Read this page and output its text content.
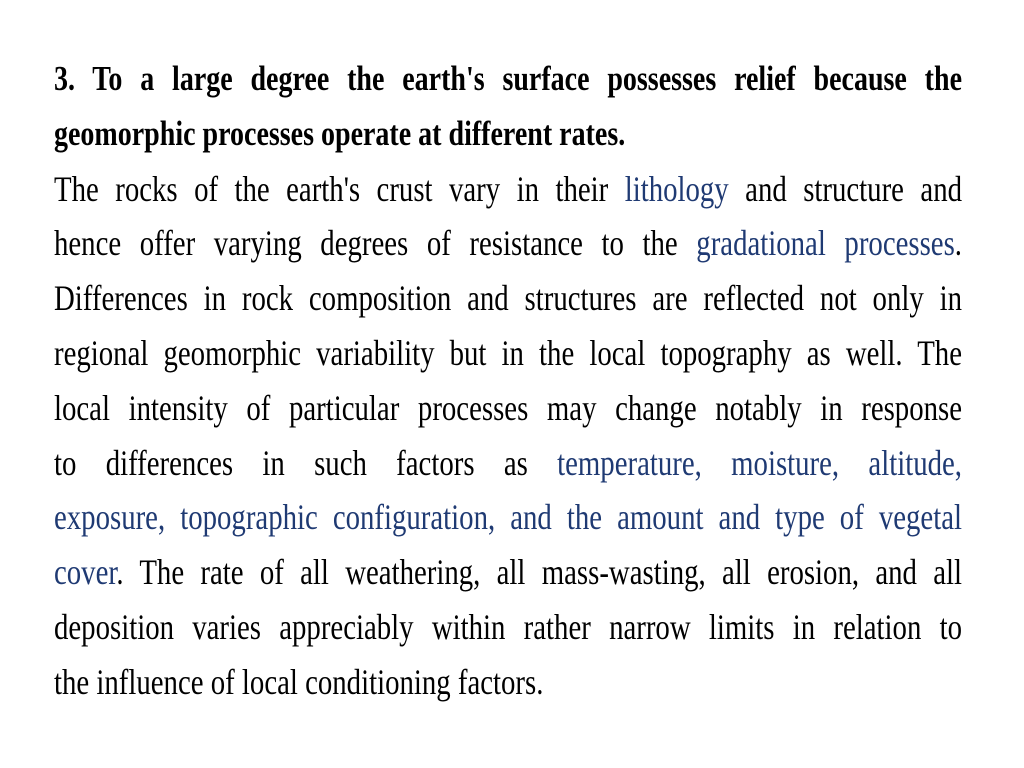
3. To a large degree the earth's surface possesses relief because the
geomorphic processes operate at different rates.
The rocks of the earth's crust vary in their lithology and structure and
hence offer varying degrees of resistance to the gradational processes.
Differences in rock composition and structures are reflected not only in
regional geomorphic variability but in the local topography as well. The
local intensity of particular processes may change notably in response
to differences in such factors as temperature, moisture, altitude,
exposure, topographic configuration, and the amount and type of vegetal
cover. The rate of all weathering, all mass-wasting, all erosion, and all
deposition varies appreciably within rather narrow limits in relation to
the influence of local conditioning factors.
